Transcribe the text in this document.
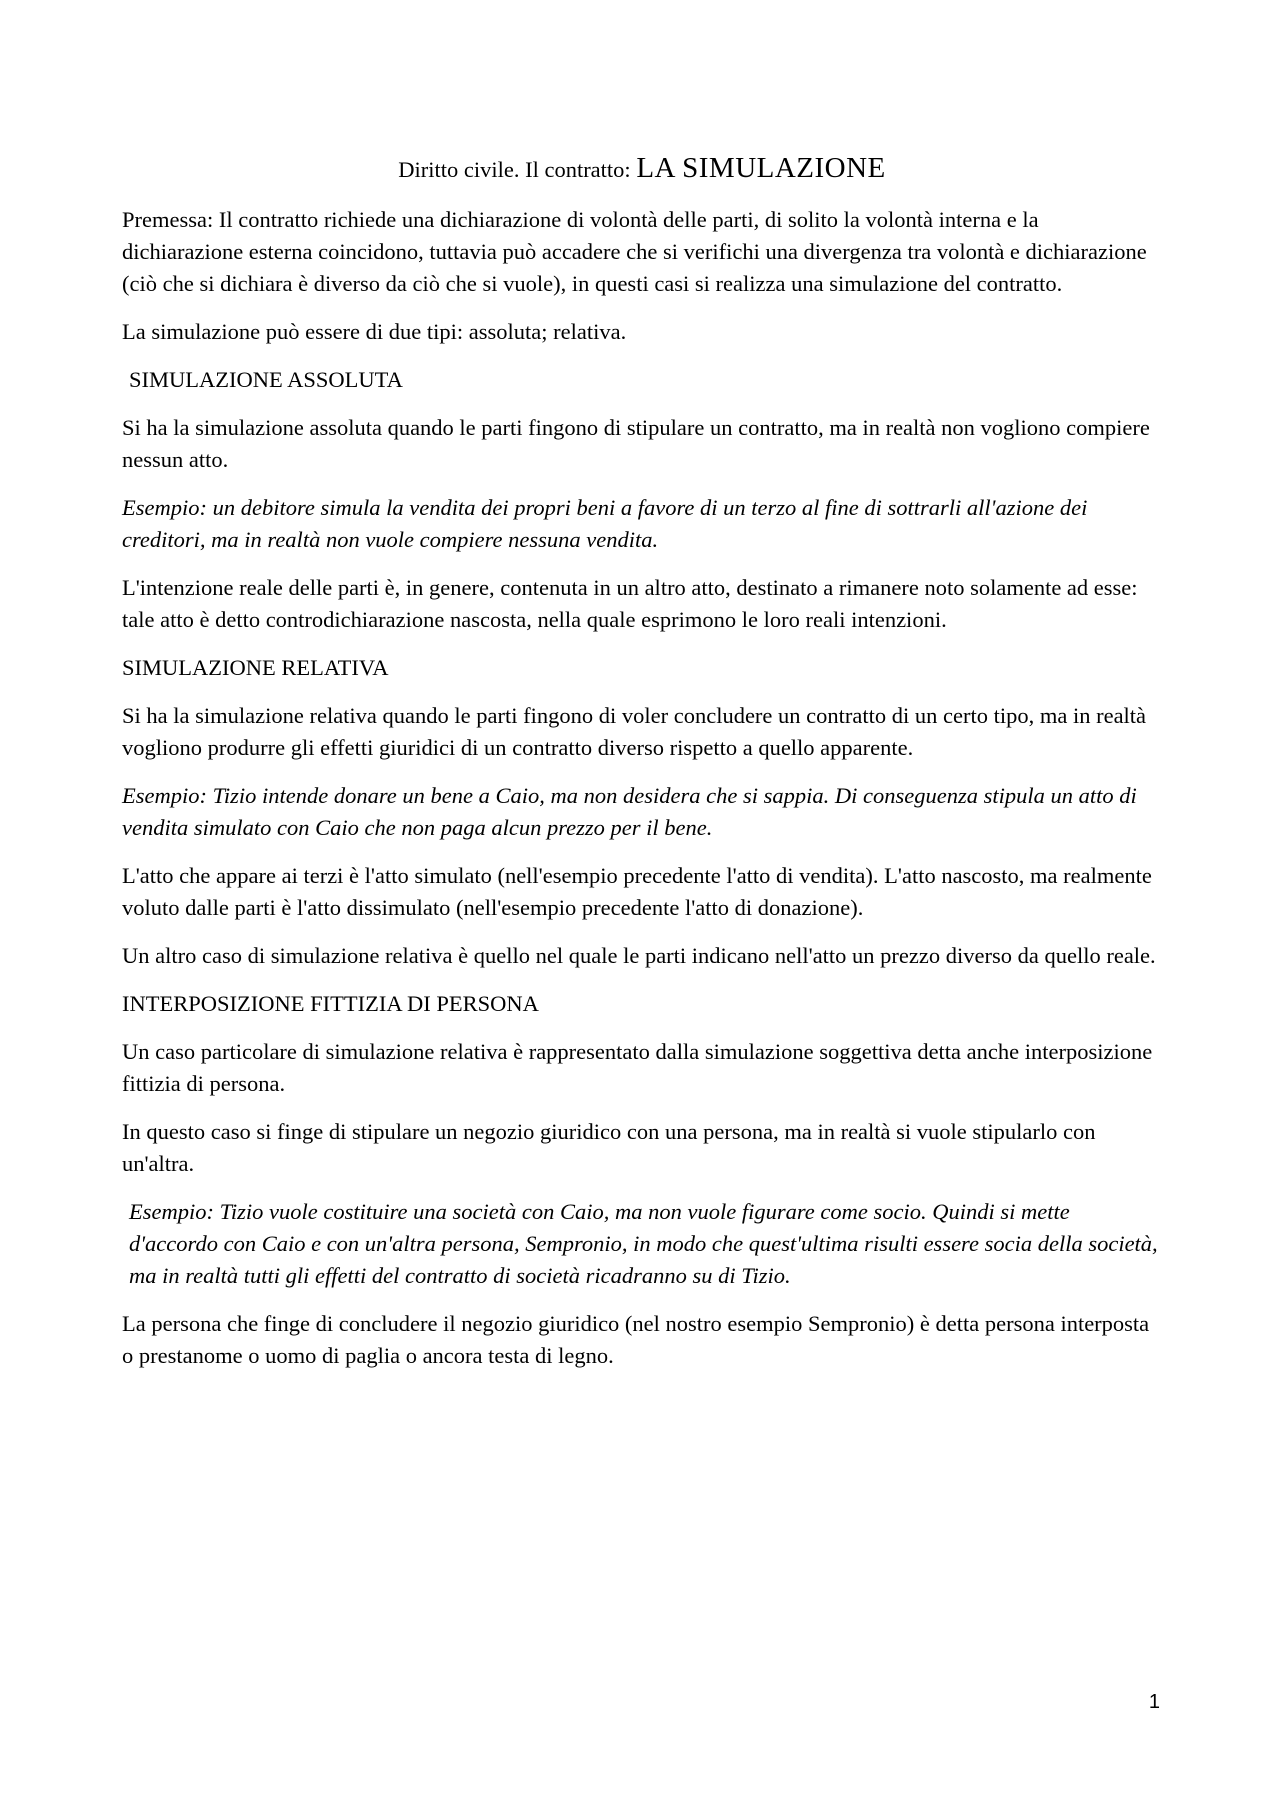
Diritto civile. Il contratto: LA SIMULAZIONE

Premessa: Il contratto richiede una dichiarazione di volontà delle parti, di solito la volontà interna e la dichiarazione esterna coincidono, tuttavia può accadere che si verifichi una divergenza tra volontà e dichiarazione (ciò che si dichiara è diverso da ciò che si vuole), in questi casi si realizza una simulazione del contratto.

La simulazione può essere di due tipi: assoluta; relativa.

SIMULAZIONE ASSOLUTA

Si ha la simulazione assoluta quando le parti fingono di stipulare un contratto, ma in realtà non vogliono compiere nessun atto.

Esempio: un debitore simula la vendita dei propri beni a favore di un terzo al fine di sottrarli all'azione dei creditori, ma in realtà non vuole compiere nessuna vendita.

L'intenzione reale delle parti è, in genere, contenuta in un altro atto, destinato a rimanere noto solamente ad esse: tale atto è detto controdichiarazione nascosta, nella quale esprimono le loro reali intenzioni.

SIMULAZIONE RELATIVA

Si ha la simulazione relativa quando le parti fingono di voler concludere un contratto di un certo tipo, ma in realtà vogliono produrre gli effetti giuridici di un contratto diverso rispetto a quello apparente.

Esempio: Tizio intende donare un bene a Caio, ma non desidera che si sappia. Di conseguenza stipula un atto di vendita simulato con Caio che non paga alcun prezzo per il bene.

L'atto che appare ai terzi è l'atto simulato (nell'esempio precedente l'atto di vendita). L'atto nascosto, ma realmente voluto dalle parti è l'atto dissimulato (nell'esempio precedente l'atto di donazione).

Un altro caso di simulazione relativa è quello nel quale le parti indicano nell'atto un prezzo diverso da quello reale.

INTERPOSIZIONE FITTIZIA DI PERSONA

Un caso particolare di simulazione relativa è rappresentato dalla simulazione soggettiva detta anche interposizione fittizia di persona.

In questo caso si finge di stipulare un negozio giuridico con una persona, ma in realtà si vuole stipularlo con un'altra.

Esempio: Tizio vuole costituire una società con Caio, ma non vuole figurare come socio. Quindi si mette d'accordo con Caio e con un'altra persona, Sempronio, in modo che quest'ultima risulti essere socia della società, ma in realtà tutti gli effetti del contratto di società ricadranno su di Tizio.

La persona che finge di concludere il negozio giuridico (nel nostro esempio Sempronio) è detta persona interposta o prestanome o uomo di paglia o ancora testa di legno.

1
